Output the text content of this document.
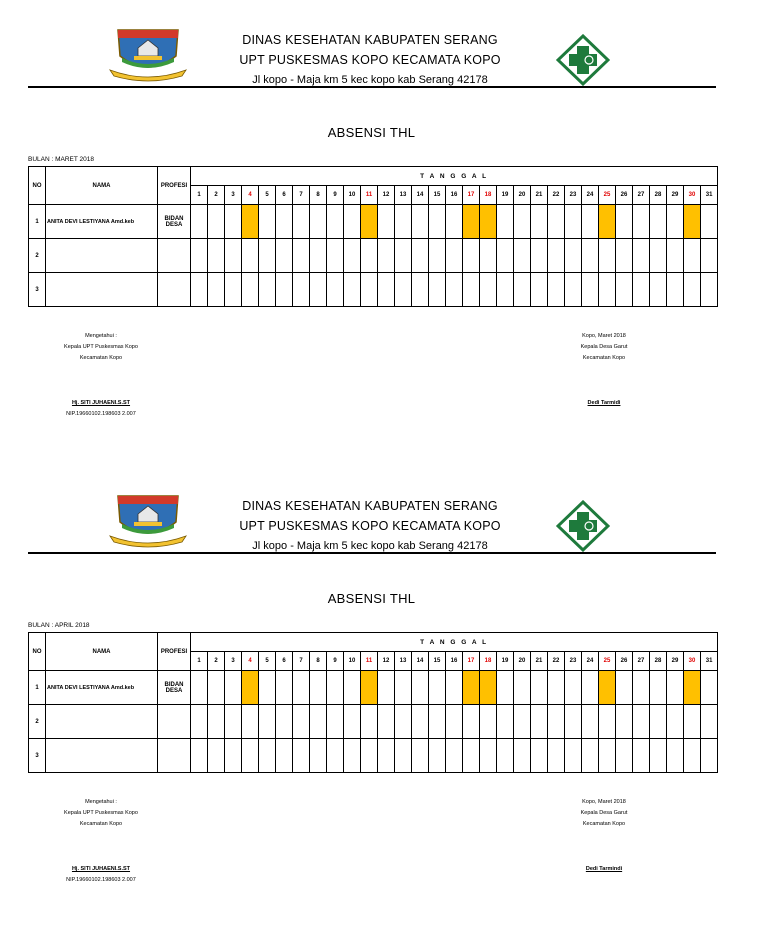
DINAS KESEHATAN KABUPATEN SERANG
UPT PUSKESMAS KOPO KECAMATA KOPO
Jl kopo - Maja km 5 kec kopo kab Serang 42178
ABSENSI THL
BULAN : MARET 2018
NO	NAMA	PROFESI	T A N G G A L																														
			1	2	3	4	5	6	7	8	9	10	11	12	13	14	15	16	17	18	19	20	21	22	23	24	25	26	27	28	29	30	31
1	ANITA DEVI LESTIYANA Amd.keb	BIDAN DESA																															
2																																	
3																																	
Mengetahui :
Kepala UPT Puskesmas Kopo
Kecamatan Kopo
Hj. SITI JUHAENI.S.ST
NIP.19660102.198603 2.007
Kopo, Maret 2018
Kepala Desa Garut
Kecamatan Kopo
Dedi Tarmidi
DINAS KESEHATAN KABUPATEN SERANG
UPT PUSKESMAS KOPO KECAMATA KOPO
Jl kopo - Maja km 5 kec kopo kab Serang 42178
ABSENSI THL
BULAN : APRIL 2018
NO	NAMA	PROFESI	T A N G G A L																														
			1	2	3	4	5	6	7	8	9	10	11	12	13	14	15	16	17	18	19	20	21	22	23	24	25	26	27	28	29	30	31
1	ANITA DEVI LESTIYANA Amd.keb	BIDAN DESA																															
2																																	
3																																	
Mengetahui :
Kepala UPT Puskesmas Kopo
Kecamatan Kopo
Hj. SITI JUHAENI.S.ST
NIP.19660102.198603 2.007
Kopo, Maret 2018
Kepala Desa Garut
Kecamatan Kopo
Dedi Tarmindi
